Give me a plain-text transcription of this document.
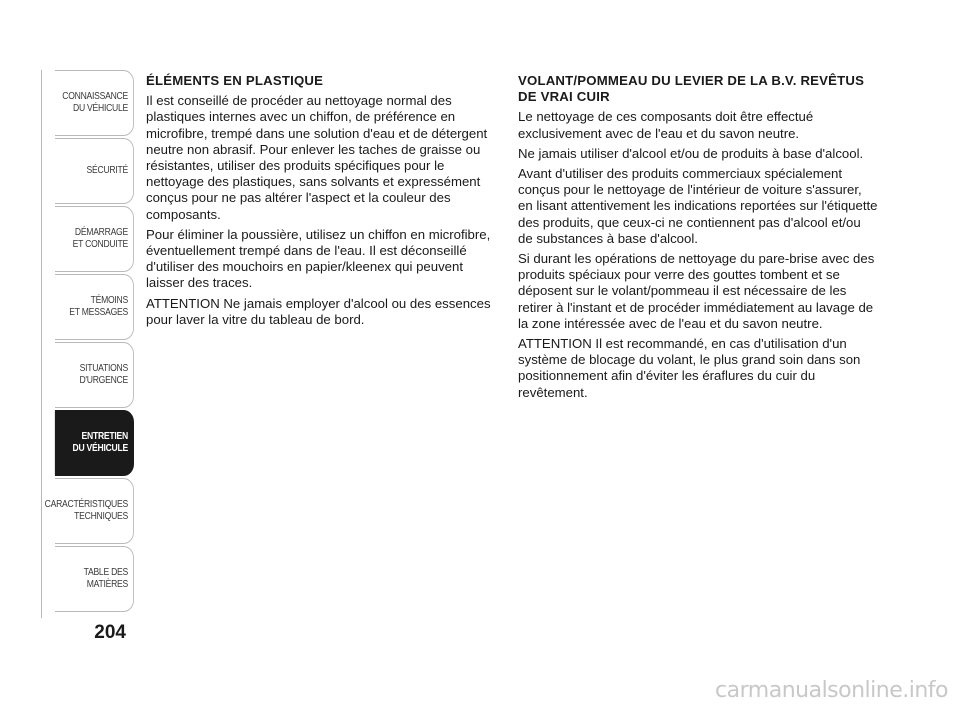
CONNAISSANCE
DU VÉHICULE
SÉCURITÉ
DÉMARRAGE
ET CONDUITE
TÉMOINS
ET MESSAGES
SITUATIONS
D'URGENCE
ENTRETIEN
DU VÉHICULE
CARACTÉRISTIQUES
TECHNIQUES
TABLE DES
MATIÈRES
204
ÉLÉMENTS EN PLASTIQUE

Il est conseillé de procéder au nettoyage normal des plastiques internes avec un chiffon, de préférence en microfibre, trempé dans une solution d'eau et de détergent neutre non abrasif. Pour enlever les taches de graisse ou résistantes, utiliser des produits spécifiques pour le nettoyage des plastiques, sans solvants et expressément conçus pour ne pas altérer l'aspect et la couleur des composants.

Pour éliminer la poussière, utilisez un chiffon en microfibre, éventuellement trempé dans de l'eau. Il est déconseillé d'utiliser des mouchoirs en papier/kleenex qui peuvent laisser des traces.

ATTENTION Ne jamais employer d'alcool ou des essences pour laver la vitre du tableau de bord.

VOLANT/POMMEAU DU LEVIER DE LA B.V. REVÊTUS DE VRAI CUIR

Le nettoyage de ces composants doit être effectué exclusivement avec de l'eau et du savon neutre.

Ne jamais utiliser d'alcool et/ou de produits à base d'alcool.

Avant d'utiliser des produits commerciaux spécialement conçus pour le nettoyage de l'intérieur de voiture s'assurer, en lisant attentivement les indications reportées sur l'étiquette des produits, que ceux-ci ne contiennent pas d'alcool et/ou de substances à base d'alcool.

Si durant les opérations de nettoyage du pare-brise avec des produits spéciaux pour verre des gouttes tombent et se déposent sur le volant/pommeau il est nécessaire de les retirer à l'instant et de procéder immédiatement au lavage de la zone intéressée avec de l'eau et du savon neutre.

ATTENTION Il est recommandé, en cas d'utilisation d'un système de blocage du volant, le plus grand soin dans son positionnement afin d'éviter les éraflures du cuir du revêtement.

carmanualsonline.info
